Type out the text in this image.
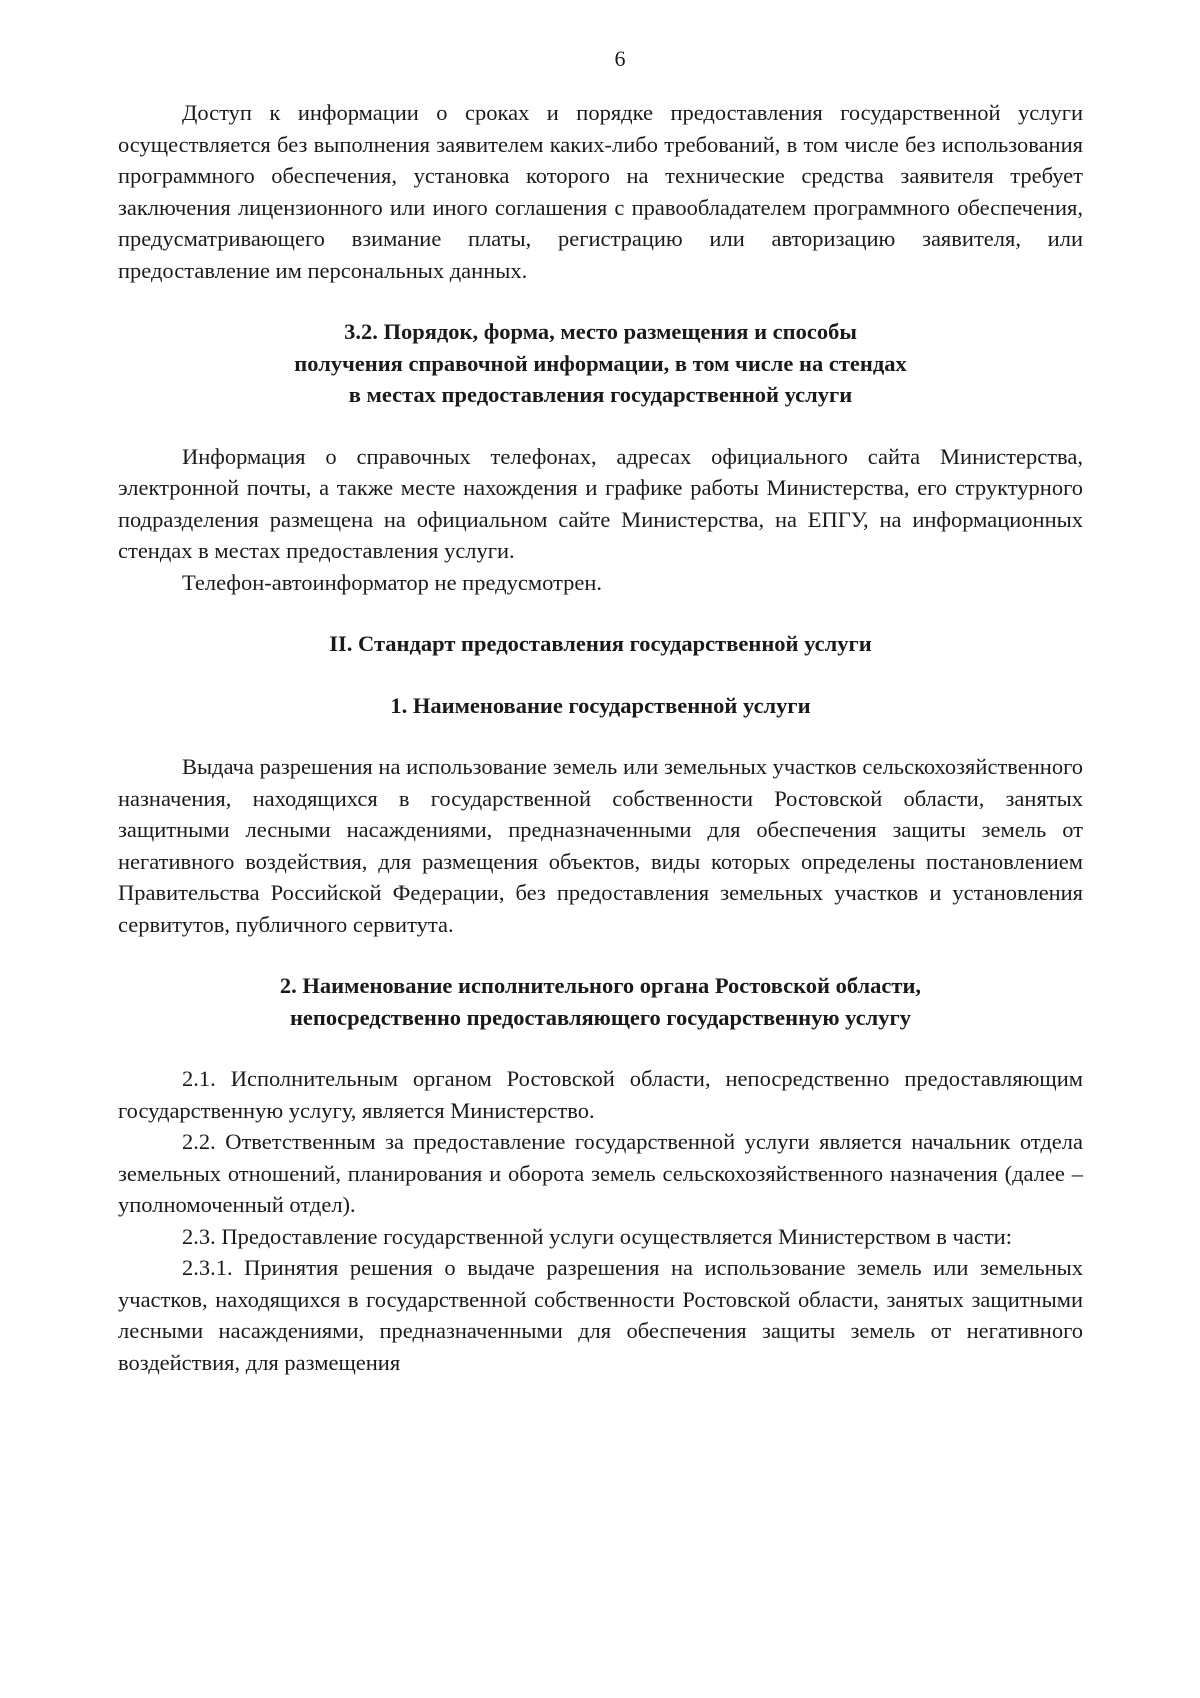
6

Доступ к информации о сроках и порядке предоставления государственной услуги осуществляется без выполнения заявителем каких-либо требований, в том числе без использования программного обеспечения, установка которого на технические средства заявителя требует заключения лицензионного или иного соглашения с правообладателем программного обеспечения, предусматривающего взимание платы, регистрацию или авторизацию заявителя, или предоставление им персональных данных.

3.2. Порядок, форма, место размещения и способы
получения справочной информации, в том числе на стендах
в местах предоставления государственной услуги

Информация о справочных телефонах, адресах официального сайта Министерства, электронной почты, а также месте нахождения и графике работы Министерства, его структурного подразделения размещена на официальном сайте Министерства, на ЕПГУ, на информационных стендах в местах предоставления услуги.

Телефон-автоинформатор не предусмотрен.

II. Стандарт предоставления государственной услуги
1. Наименование государственной услуги

Выдача разрешения на использование земель или земельных участков сельскохозяйственного назначения, находящихся в государственной собственности Ростовской области, занятых защитными лесными насаждениями, предназначенными для обеспечения защиты земель от негативного воздействия, для размещения объектов, виды которых определены постановлением Правительства Российской Федерации, без предоставления земельных участков и установления сервитутов, публичного сервитута.

2. Наименование исполнительного органа Ростовской области,
непосредственно предоставляющего государственную услугу

2.1. Исполнительным органом Ростовской области, непосредственно предоставляющим государственную услугу, является Министерство.

2.2. Ответственным за предоставление государственной услуги является начальник отдела земельных отношений, планирования и оборота земель сельскохозяйственного назначения (далее – уполномоченный отдел).

2.3. Предоставление государственной услуги осуществляется Министерством в части:

2.3.1. Принятия решения о выдаче разрешения на использование земель или земельных участков, находящихся в государственной собственности Ростовской области, занятых защитными лесными насаждениями, предназначенными для обеспечения защиты земель от негативного воздействия, для размещения
